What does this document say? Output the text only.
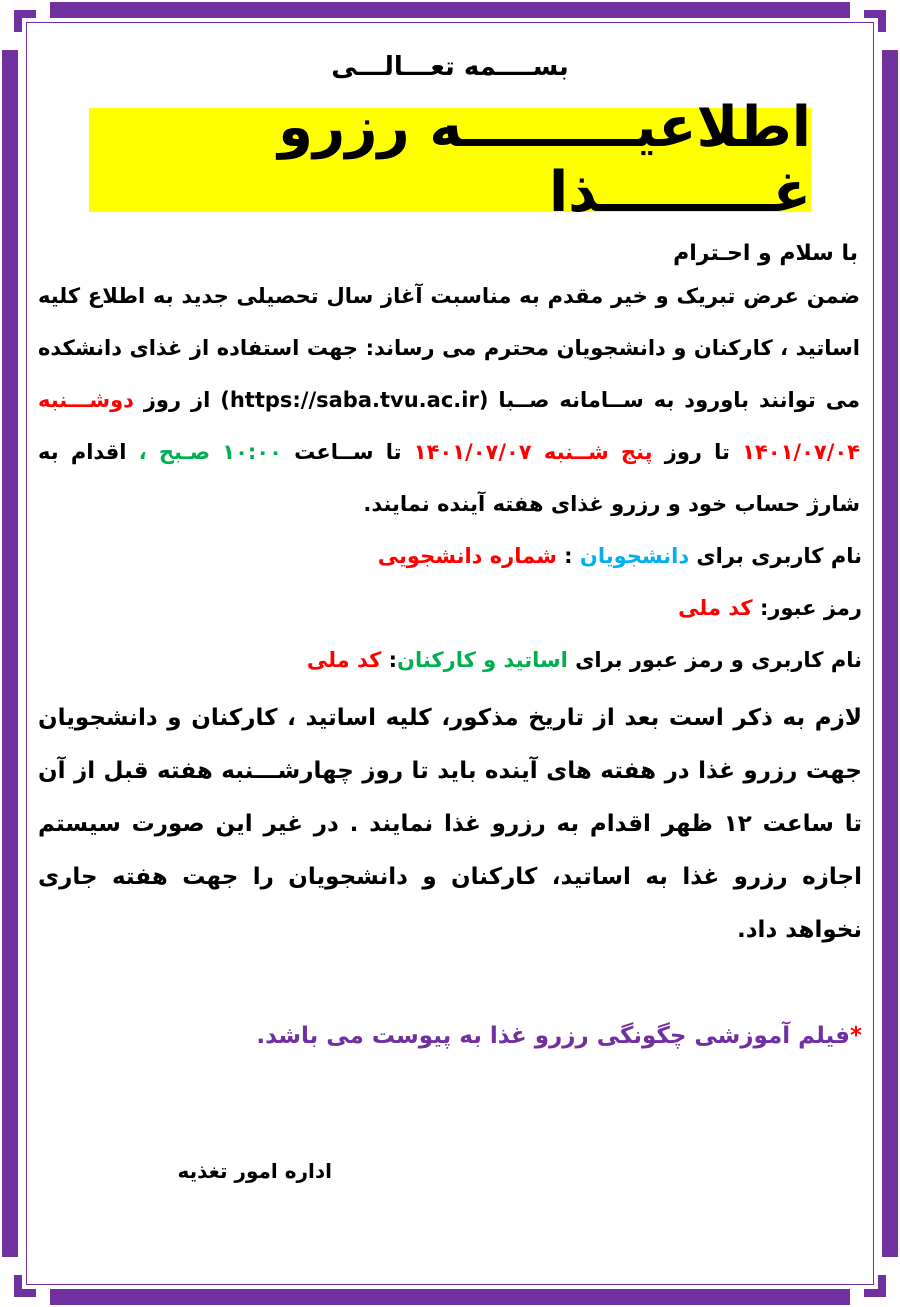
بســــمه تعـــالـــی
اطلاعیـــــــــه رزرو غـــــــــذا
با سلام و احـترام
ضمن عرض تبریک و خیر مقدم به مناسبت آغاز سال تحصیلی جدید به اطلاع کلیه اساتید ، کارکنان و دانشجویان محترم می رساند: جهت استفاده از غذای دانشکده می توانند باورود به ســامانه صــبا (https://saba.tvu.ac.ir) از روز دوشـــنبه ۱۴۰۱/۰۷/۰۴ تا روز پنج شــنبه ۱۴۰۱/۰۷/۰۷ تا ســاعت ۱۰:۰۰ صـبح ، اقدام به شارژ حساب خود و رزرو غذای هفته آینده نمایند.
نام کاربری برای دانشجویان : شماره دانشجویی
رمز عبور: کد ملی
نام کاربری و رمز عبور برای اساتید و کارکنان: کد ملی
لازم به ذکر است بعد از تاریخ مذکور، کلیه اساتید ، کارکنان و دانشجویان جهت رزرو غذا در هفته های آینده باید تا روز چهارشـــنبه هفته قبل از آن تا ساعت ۱۲ ظهر اقدام به رزرو غذا نمایند . در غیر این صورت سیستم اجازه رزرو غذا به اساتید، کارکنان و دانشجویان را جهت هفته جاری نخواهد داد.
*فیلم آموزشی چگونگی رزرو غذا به پیوست می باشد.
اداره امور تغذیه
